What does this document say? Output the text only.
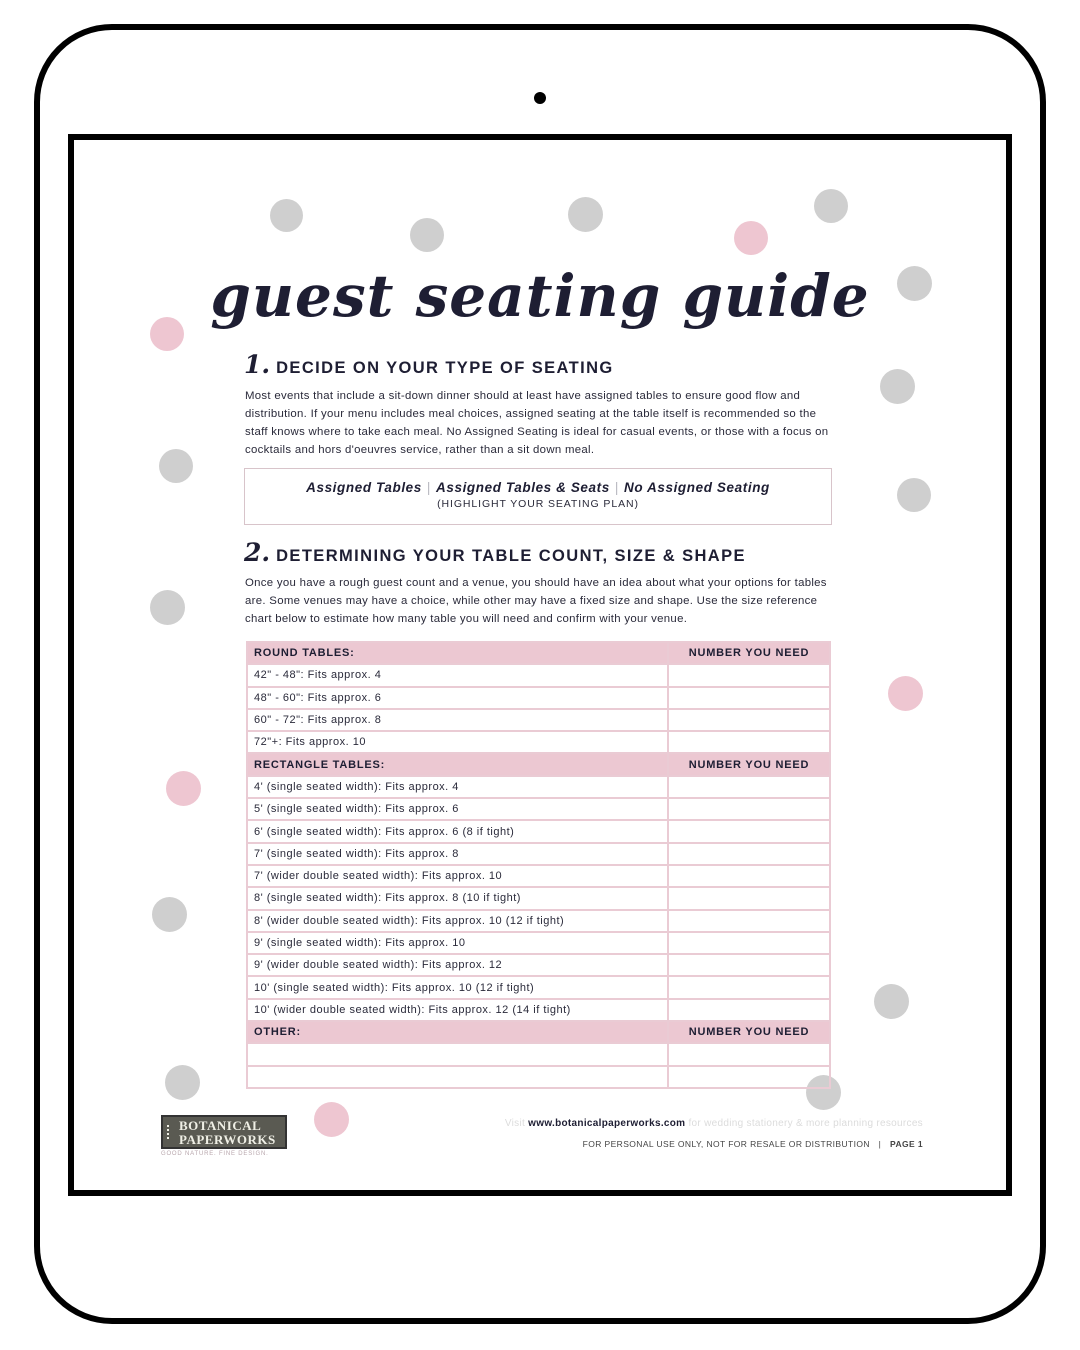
guest seating guide
1. DECIDE ON YOUR TYPE OF SEATING

Most events that include a sit-down dinner should at least have assigned tables to ensure good flow and distribution. If your menu includes meal choices, assigned seating at the table itself is recommended so the staff knows where to take each meal. No Assigned Seating is ideal for casual events, or those with a focus on cocktails and hors d'oeuvres service, rather than a sit down meal.

Assigned Tables | Assigned Tables & Seats | No Assigned Seating
(HIGHLIGHT YOUR SEATING PLAN)
2. DETERMINING YOUR TABLE COUNT, SIZE & SHAPE

Once you have a rough guest count and a venue, you should have an idea about what your options for tables are. Some venues may have a choice, while other may have a fixed size and shape. Use the size reference chart below to estimate how many table you will need and confirm with your venue.

ROUND TABLES:	NUMBER YOU NEED
42" - 48": Fits approx. 4	
48" - 60": Fits approx. 6	
60" - 72": Fits approx. 8	
72"+: Fits approx. 10	
RECTANGLE TABLES:	NUMBER YOU NEED
4' (single seated width): Fits approx. 4	
5' (single seated width): Fits approx. 6	
6' (single seated width): Fits approx. 6 (8 if tight)	
7' (single seated width): Fits approx. 8	
7' (wider double seated width): Fits approx. 10	
8' (single seated width): Fits approx. 8 (10 if tight)	
8' (wider double seated width): Fits approx. 10 (12 if tight)	
9' (single seated width): Fits approx. 10	
9' (wider double seated width): Fits approx. 12	
10' (single seated width): Fits approx. 10 (12 if tight)	
10' (wider double seated width): Fits approx. 12 (14 if tight)	
OTHER:	NUMBER YOU NEED

BOTANICAL
PAPERWORKS
GOOD NATURE. FINE DESIGN.
Visit www.botanicalpaperworks.com for wedding stationery & more planning resources
FOR PERSONAL USE ONLY, NOT FOR RESALE OR DISTRIBUTION | PAGE 1
